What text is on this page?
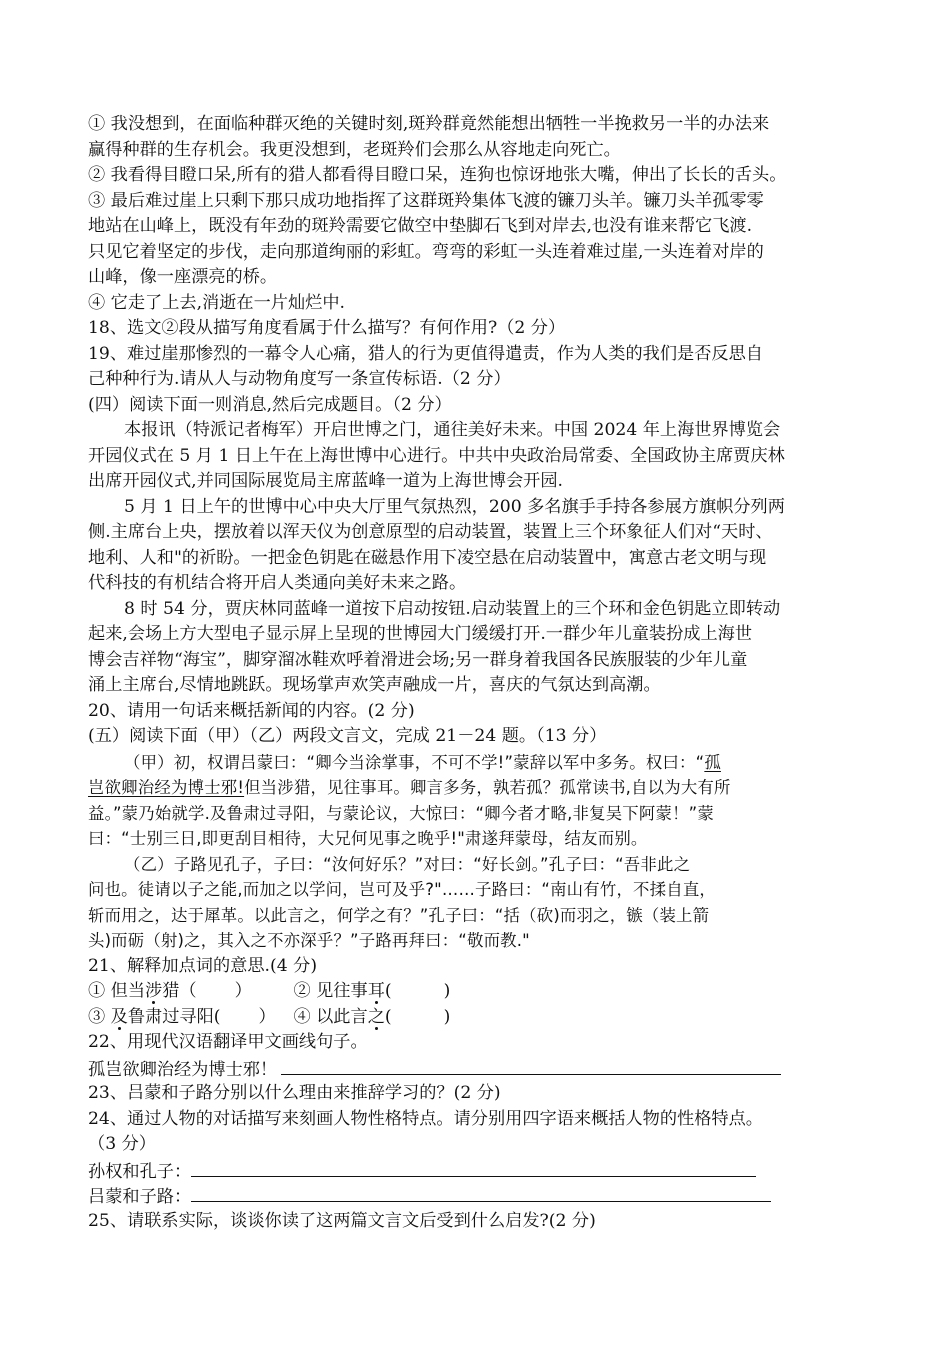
① 我没想到，在面临种群灭绝的关键时刻,斑羚群竟然能想出牺牲一半挽救另一半的办法来
赢得种群的生存机会。我更没想到，老斑羚们会那么从容地走向死亡。
② 我看得目瞪口呆,所有的猎人都看得目瞪口呆，连狗也惊讶地张大嘴，伸出了长长的舌头。
③ 最后难过崖上只剩下那只成功地指挥了这群斑羚集体飞渡的镰刀头羊。镰刀头羊孤零零
地站在山峰上，既没有年劲的斑羚需要它做空中垫脚石飞到对岸去,也没有谁来帮它飞渡.
只见它着坚定的步伐，走向那道绚丽的彩虹。弯弯的彩虹一头连着难过崖,一头连着对岸的
山峰，像一座漂亮的桥。
④ 它走了上去,消逝在一片灿烂中.
18、选文②段从描写角度看属于什么描写？有何作用?（2 分）
19、难过崖那惨烈的一幕令人心痛，猎人的行为更值得遣责，作为人类的我们是否反思自
己种种行为.请从人与动物角度写一条宣传标语.（2 分）
(四）阅读下面一则消息,然后完成题目。（2 分）
本报讯（特派记者梅军）开启世博之门，通往美好未来。中国 2024 年上海世界博览会
开园仪式在 5 月 1 日上午在上海世博中心进行。中共中央政治局常委、全国政协主席贾庆林
出席开园仪式,并同国际展览局主席蓝峰一道为上海世博会开园.
5 月 1 日上午的世博中心中央大厅里气氛热烈，200 多名旗手手持各参展方旗帜分列两
侧.主席台上央，摆放着以浑天仪为创意原型的启动装置，装置上三个环象征人们对“天时、
地利、人和"的祈盼。一把金色钥匙在磁悬作用下凌空悬在启动装置中，寓意古老文明与现
代科技的有机结合将开启人类通向美好未来之路。
8 时 54 分，贾庆林同蓝峰一道按下启动按钮.启动装置上的三个环和金色钥匙立即转动
起来,会场上方大型电子显示屏上呈现的世博园大门缓缓打开.一群少年儿童装扮成上海世
博会吉祥物“海宝”，脚穿溜冰鞋欢呼着滑进会场;另一群身着我国各民族服装的少年儿童
涌上主席台,尽情地跳跃。现场掌声欢笑声融成一片，喜庆的气氛达到高潮。
20、请用一句话来概括新闻的内容。(2 分)
(五）阅读下面（甲）（乙）两段文言文，完成 21－24 题。（13 分）
（甲）初，权谓吕蒙曰：“卿今当涂掌事，不可不学!”蒙辞以军中多务。权曰：“孤
岂欲卿治经为博士邪!但当涉猎，见往事耳。卿言多务，孰若孤？孤常读书,自以为大有所
益。”蒙乃始就学.及鲁肃过寻阳，与蒙论议，大惊曰：“卿今者才略,非复吴下阿蒙！”蒙
曰：“士别三日,即更刮目相待，大兄何见事之晚乎!"肃遂拜蒙母，结友而别。
（乙）子路见孔子，子曰：“汝何好乐？”对曰：“好长剑。”孔子曰：“吾非此之
问也。徒请以子之能,而加之以学问，岂可及乎?"……子路曰：“南山有竹，不揉自直，
斩而用之，达于犀革。以此言之，何学之有？”孔子曰：“括（砍)而羽之，镞（装上箭
头)而砺（射)之，其入之不亦深乎？”子路再拜曰：“敬而教."
21、解释加点词的意思.(4 分)
① 但当涉猎（ ） ② 见往事耳(	)
③ 及鲁肃过寻阳( ） ④ 以此言之(	)
22、用现代汉语翻译甲文画线句子。
孤岂欲卿治经为博士邪！
23、吕蒙和子路分别以什么理由来推辞学习的？(2 分)
24、通过人物的对话描写来刻画人物性格特点。请分别用四字语来概括人物的性格特点。
（3 分）
孙权和孔子：
吕蒙和子路：
25、请联系实际，谈谈你读了这两篇文言文后受到什么启发?(2 分)
